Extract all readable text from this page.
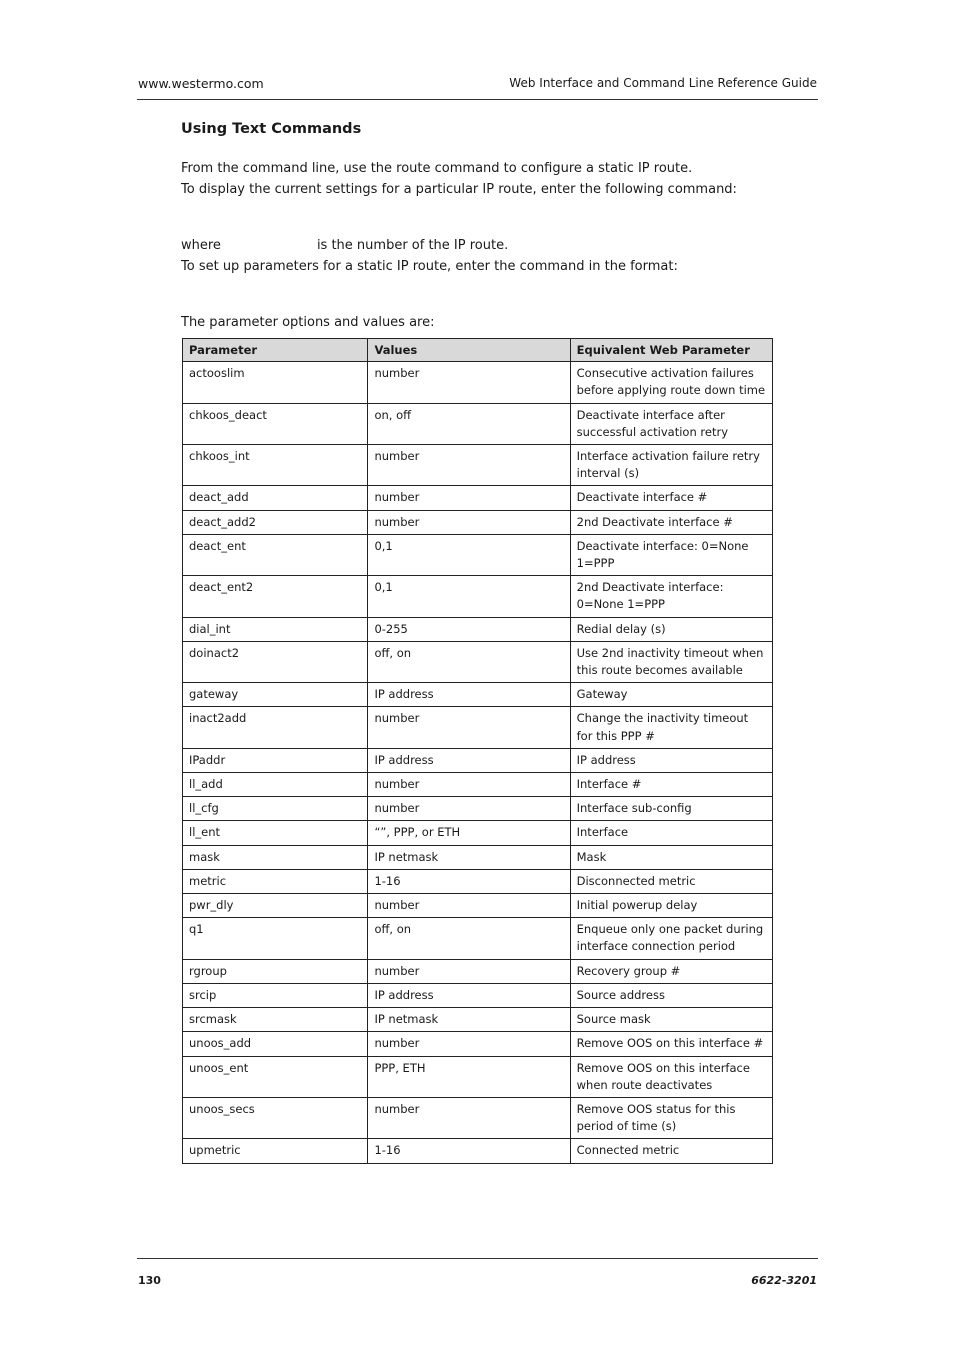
www.westermo.com	Web Interface and Command Line Reference Guide
Using Text Commands
From the command line, use the route command to configure a static IP route.
To display the current settings for a particular IP route, enter the following command:
where	is the number of the IP route.
To set up parameters for a static IP route, enter the command in the format:
The parameter options and values are:
Parameter	Values	Equivalent Web Parameter
actooslim	number	Consecutive activation failures before applying route down time
chkoos_deact	on, off	Deactivate interface after successful activation retry
chkoos_int	number	Interface activation failure retry interval (s)
deact_add	number	Deactivate interface #
deact_add2	number	2nd Deactivate interface #
deact_ent	0,1	Deactivate interface: 0=None 1=PPP
deact_ent2	0,1	2nd Deactivate interface: 0=None 1=PPP
dial_int	0-255	Redial delay (s)
doinact2	off, on	Use 2nd inactivity timeout when this route becomes available
gateway	IP address	Gateway
inact2add	number	Change the inactivity timeout for this PPP #
IPaddr	IP address	IP address
ll_add	number	Interface #
ll_cfg	number	Interface sub-config
ll_ent	“”, PPP, or ETH	Interface
mask	IP netmask	Mask
metric	1-16	Disconnected metric
pwr_dly	number	Initial powerup delay
q1	off, on	Enqueue only one packet during interface connection period
rgroup	number	Recovery group #
srcip	IP address	Source address
srcmask	IP netmask	Source mask
unoos_add	number	Remove OOS on this interface #
unoos_ent	PPP, ETH	Remove OOS on this interface when route deactivates
unoos_secs	number	Remove OOS status for this period of time (s)
upmetric	1-16	Connected metric
130	6622-3201
